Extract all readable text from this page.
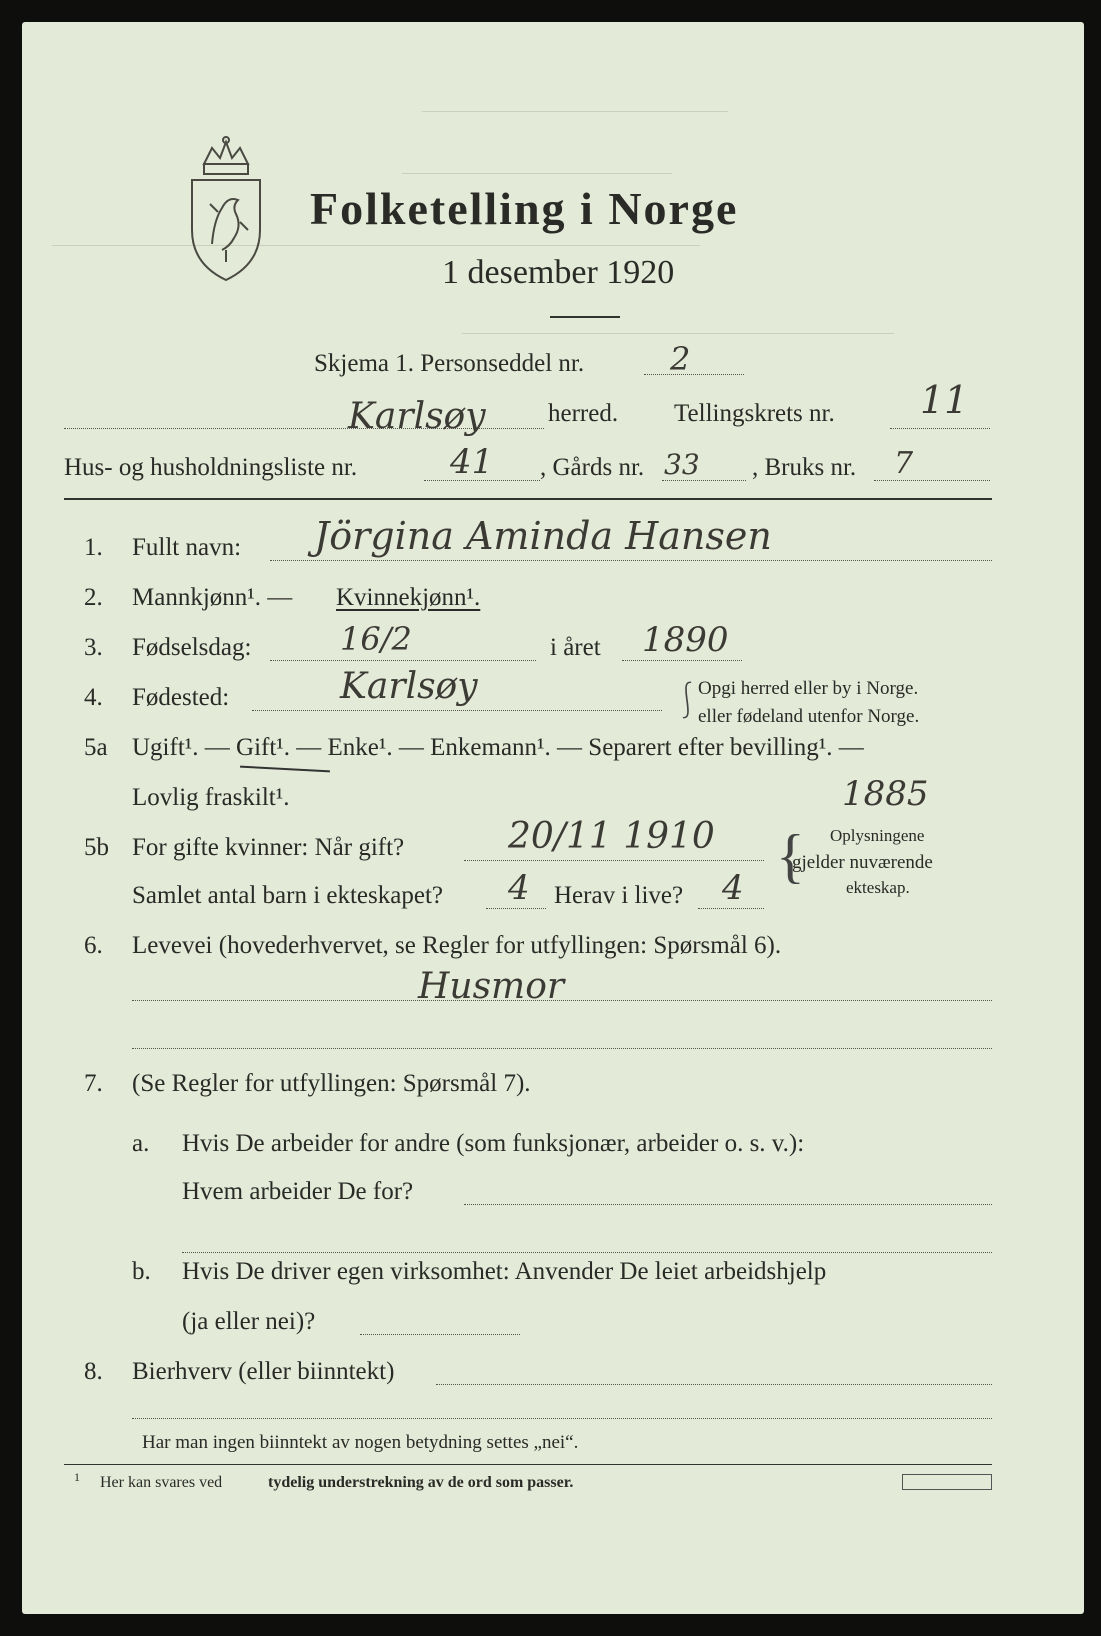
—————————————————
———————————————
————————————————————————————————————
————————————————————————
Folketelling i Norge
1 desember 1920
Skjema 1. Personseddel nr.	2
Karlsøy herred. Tellingskrets nr. 11
Hus- og husholdningsliste nr.	41 , Gårds nr. 33 , Bruks nr. 7
1. Fullt navn: Jörgina Aminda Hansen
2. Mannkjønn¹. — Kvinnekjønn¹.
3. Fødselsdag:	16/2	i året 1890
4. Fødested:	Karlsøy	⎰ Opgi herred eller by i Norge.
eller fødeland utenfor Norge.
5a Ugift¹. — Gift¹. — Enke¹. — Enkemann¹. — Separert efter bevilling¹. —
Lovlig fraskilt¹.	1885
5b For gifte kvinner: Når gift?	20/11 1910
Samlet antal barn i ekteskapet? 4 Herav i live? 4 { Oplysningene
gjelder nuværende
ekteskap.
6. Levevei (hovederhvervet, se Regler for utfyllingen: Spørsmål 6).
Husmor
7. (Se Regler for utfyllingen: Spørsmål 7).
a. Hvis De arbeider for andre (som funksjonær, arbeider o. s. v.):
Hvem arbeider De for?
b. Hvis De driver egen virksomhet: Anvender De leiet arbeidshjelp
(ja eller nei)?
8. Bierhverv (eller biinntekt)
Har man ingen biinntekt av nogen betydning settes „nei“.
1 Her kan svares ved	tydelig understrekning av de ord som passer.
